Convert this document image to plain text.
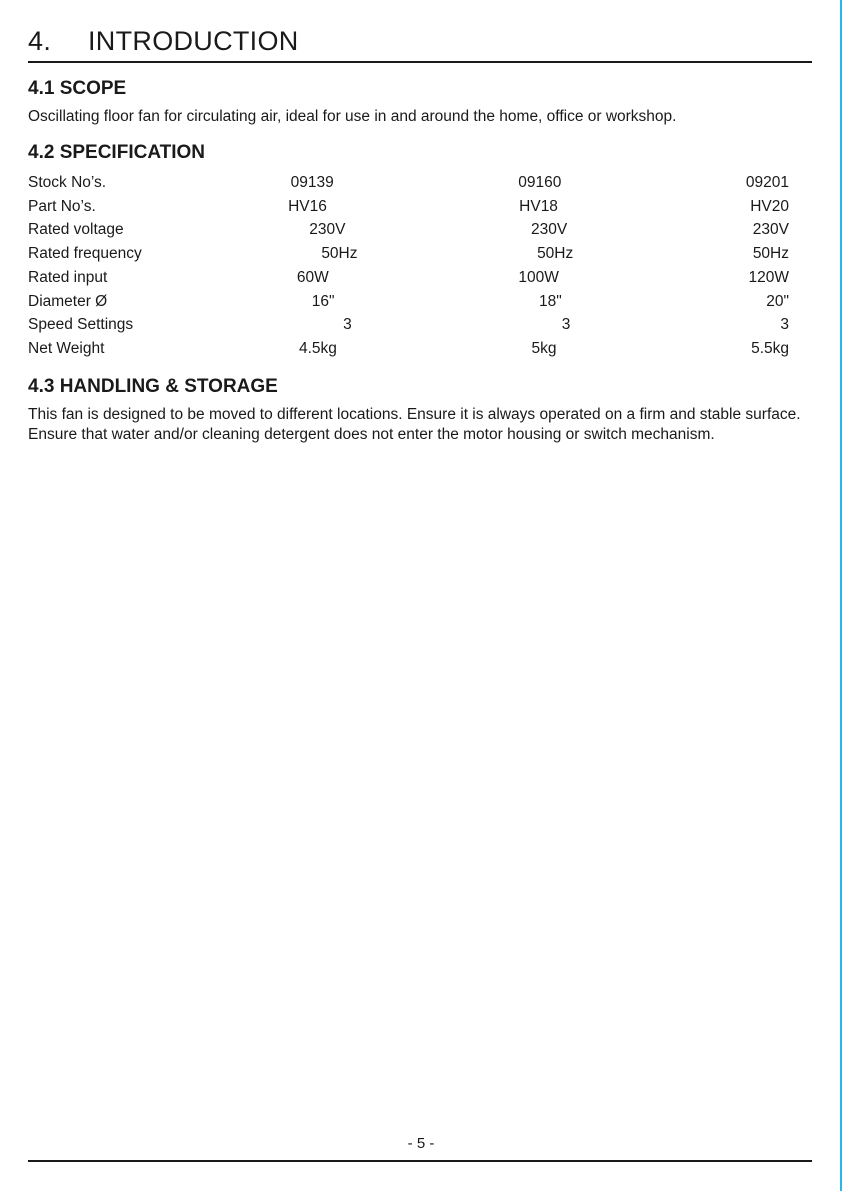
4. INTRODUCTION
4.1 SCOPE

Oscillating floor fan for circulating air, ideal for use in and around the home, office or workshop.

4.2 SPECIFICATION
Stock No’s. .....	09139 .....	09160 .....	09201
Part No’s. .....	HV16 .....	HV18 .....	HV20
Rated voltage .....	230V .....	230V .....	230V
Rated frequency .....	50Hz .....	50Hz .....	50Hz
Rated input .....	60W .....	100W .....	120W
Diameter Ø .....	16" .....	18" .....	20"
Speed Settings .....	3 .....	3 .....	3
Net Weight .....	4.5kg .....	5kg .....	5.5kg
4.3 HANDLING & STORAGE

This fan is designed to be moved to different locations. Ensure it is always operated on a firm and stable surface. Ensure that water and/or cleaning detergent does not enter the motor housing or switch mechanism.

- 5 -
